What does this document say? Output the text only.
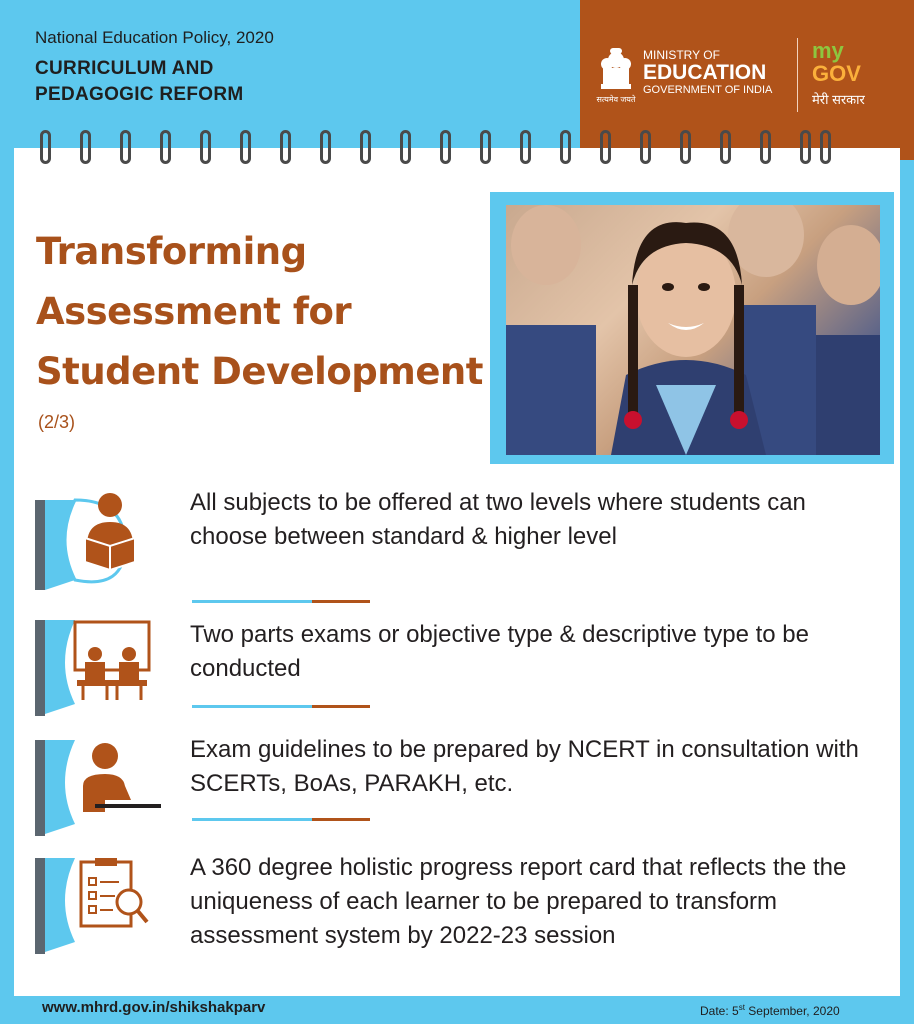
National Education Policy, 2020
CURRICULUM AND
PEDAGOGIC REFORM	सत्यमेव जयते
MINISTRY OF
EDUCATION
GOVERNMENT OF INDIA
my
GOV
मेरी सरकार
Transforming
Assessment for
Student Development
(2/3)
All subjects to be offered at two levels where students can choose between standard & higher level
Two parts exams or objective type & descriptive type to be conducted
Exam guidelines to be prepared by NCERT in consultation with SCERTs, BoAs, PARAKH, etc.
A 360 degree holistic progress report card that reflects the the uniqueness of each learner to be prepared to transform assessment system by 2022-23 session
www.mhrd.gov.in/shikshakparv	Date: 5st September, 2020
